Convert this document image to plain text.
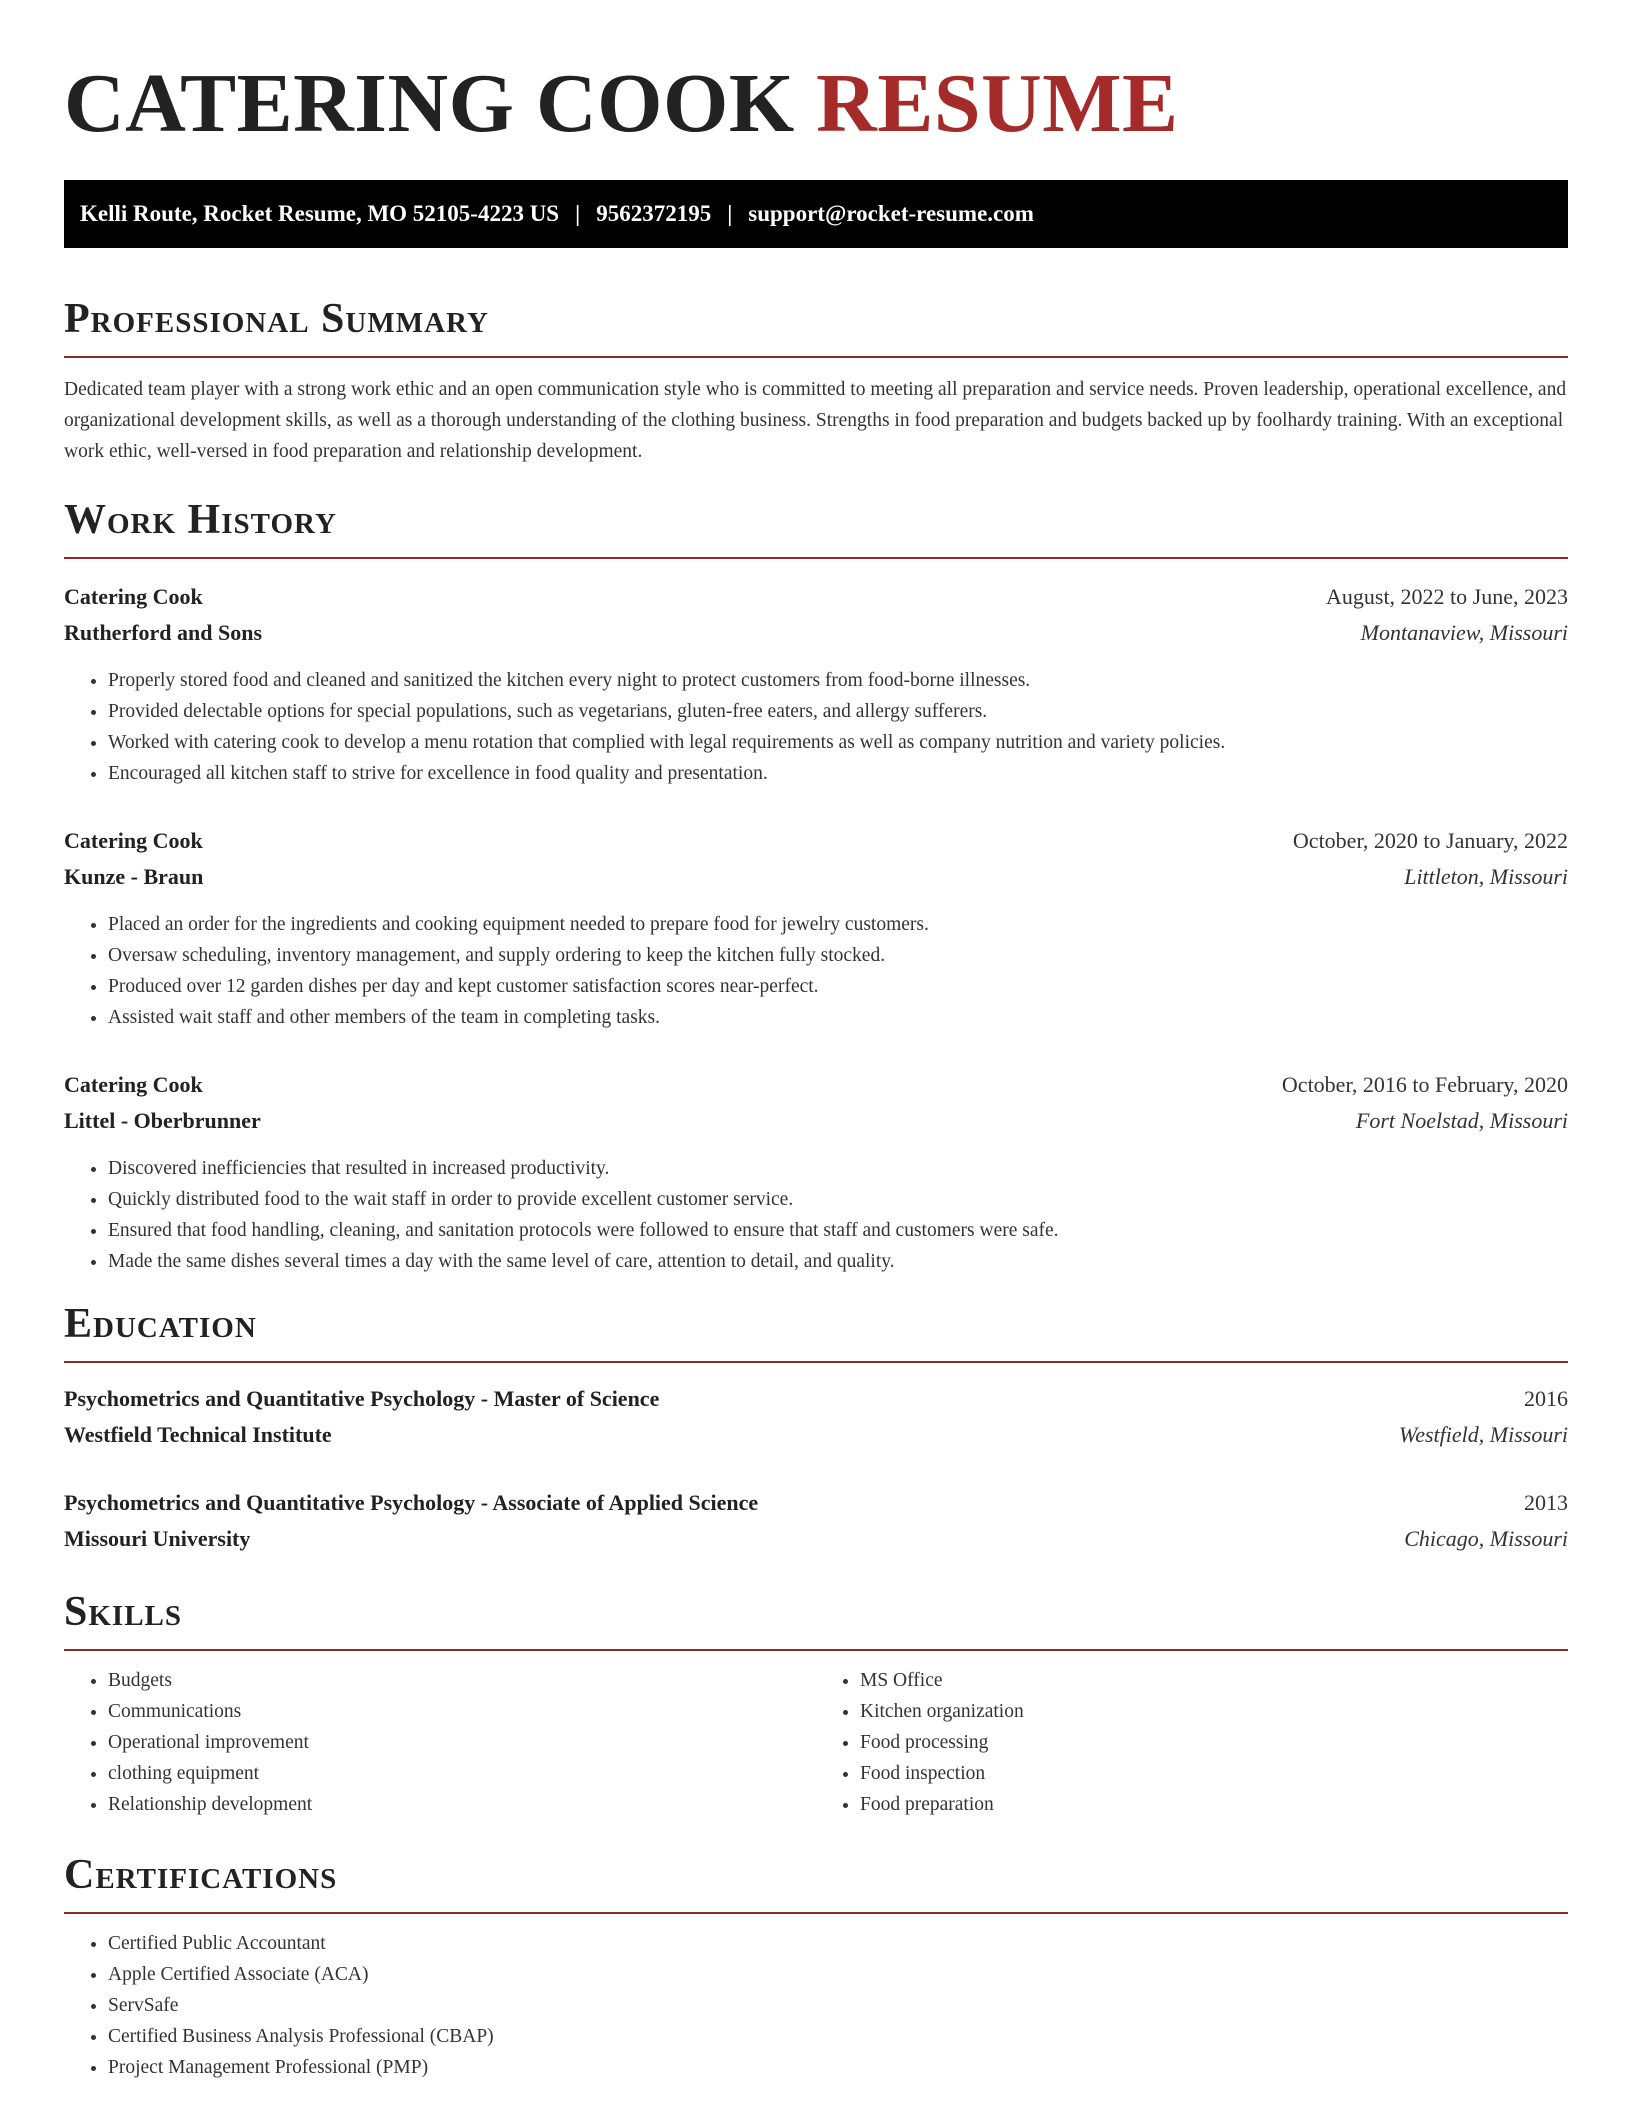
CATERING COOK RESUME
Kelli Route, Rocket Resume, MO 52105-4223 US | 9562372195 | support@rocket-resume.com
Professional Summary

Dedicated team player with a strong work ethic and an open communication style who is committed to meeting all preparation and service needs. Proven leadership, operational excellence, and organizational development skills, as well as a thorough understanding of the clothing business. Strengths in food preparation and budgets backed up by foolhardy training. With an exceptional work ethic, well-versed in food preparation and relationship development.

Work History
Catering Cook	August, 2022 to June, 2023
Rutherford and Sons	Montanaview, Missouri
• Properly stored food and cleaned and sanitized the kitchen every night to protect customers from food-borne illnesses.
• Provided delectable options for special populations, such as vegetarians, gluten-free eaters, and allergy sufferers.
• Worked with catering cook to develop a menu rotation that complied with legal requirements as well as company nutrition and variety policies.
• Encouraged all kitchen staff to strive for excellence in food quality and presentation.
Catering Cook	October, 2020 to January, 2022
Kunze - Braun	Littleton, Missouri
• Placed an order for the ingredients and cooking equipment needed to prepare food for jewelry customers.
• Oversaw scheduling, inventory management, and supply ordering to keep the kitchen fully stocked.
• Produced over 12 garden dishes per day and kept customer satisfaction scores near-perfect.
• Assisted wait staff and other members of the team in completing tasks.
Catering Cook	October, 2016 to February, 2020
Littel - Oberbrunner	Fort Noelstad, Missouri
• Discovered inefficiencies that resulted in increased productivity.
• Quickly distributed food to the wait staff in order to provide excellent customer service.
• Ensured that food handling, cleaning, and sanitation protocols were followed to ensure that staff and customers were safe.
• Made the same dishes several times a day with the same level of care, attention to detail, and quality.
Education
Psychometrics and Quantitative Psychology - Master of Science	2016
Westfield Technical Institute	Westfield, Missouri
Psychometrics and Quantitative Psychology - Associate of Applied Science	2013
Missouri University	Chicago, Missouri
Skills
• Budgets
• Communications
• Operational improvement
• clothing equipment
• Relationship development
• MS Office
• Kitchen organization
• Food processing
• Food inspection
• Food preparation
Certifications
• Certified Public Accountant
• Apple Certified Associate (ACA)
• ServSafe
• Certified Business Analysis Professional (CBAP)
• Project Management Professional (PMP)
